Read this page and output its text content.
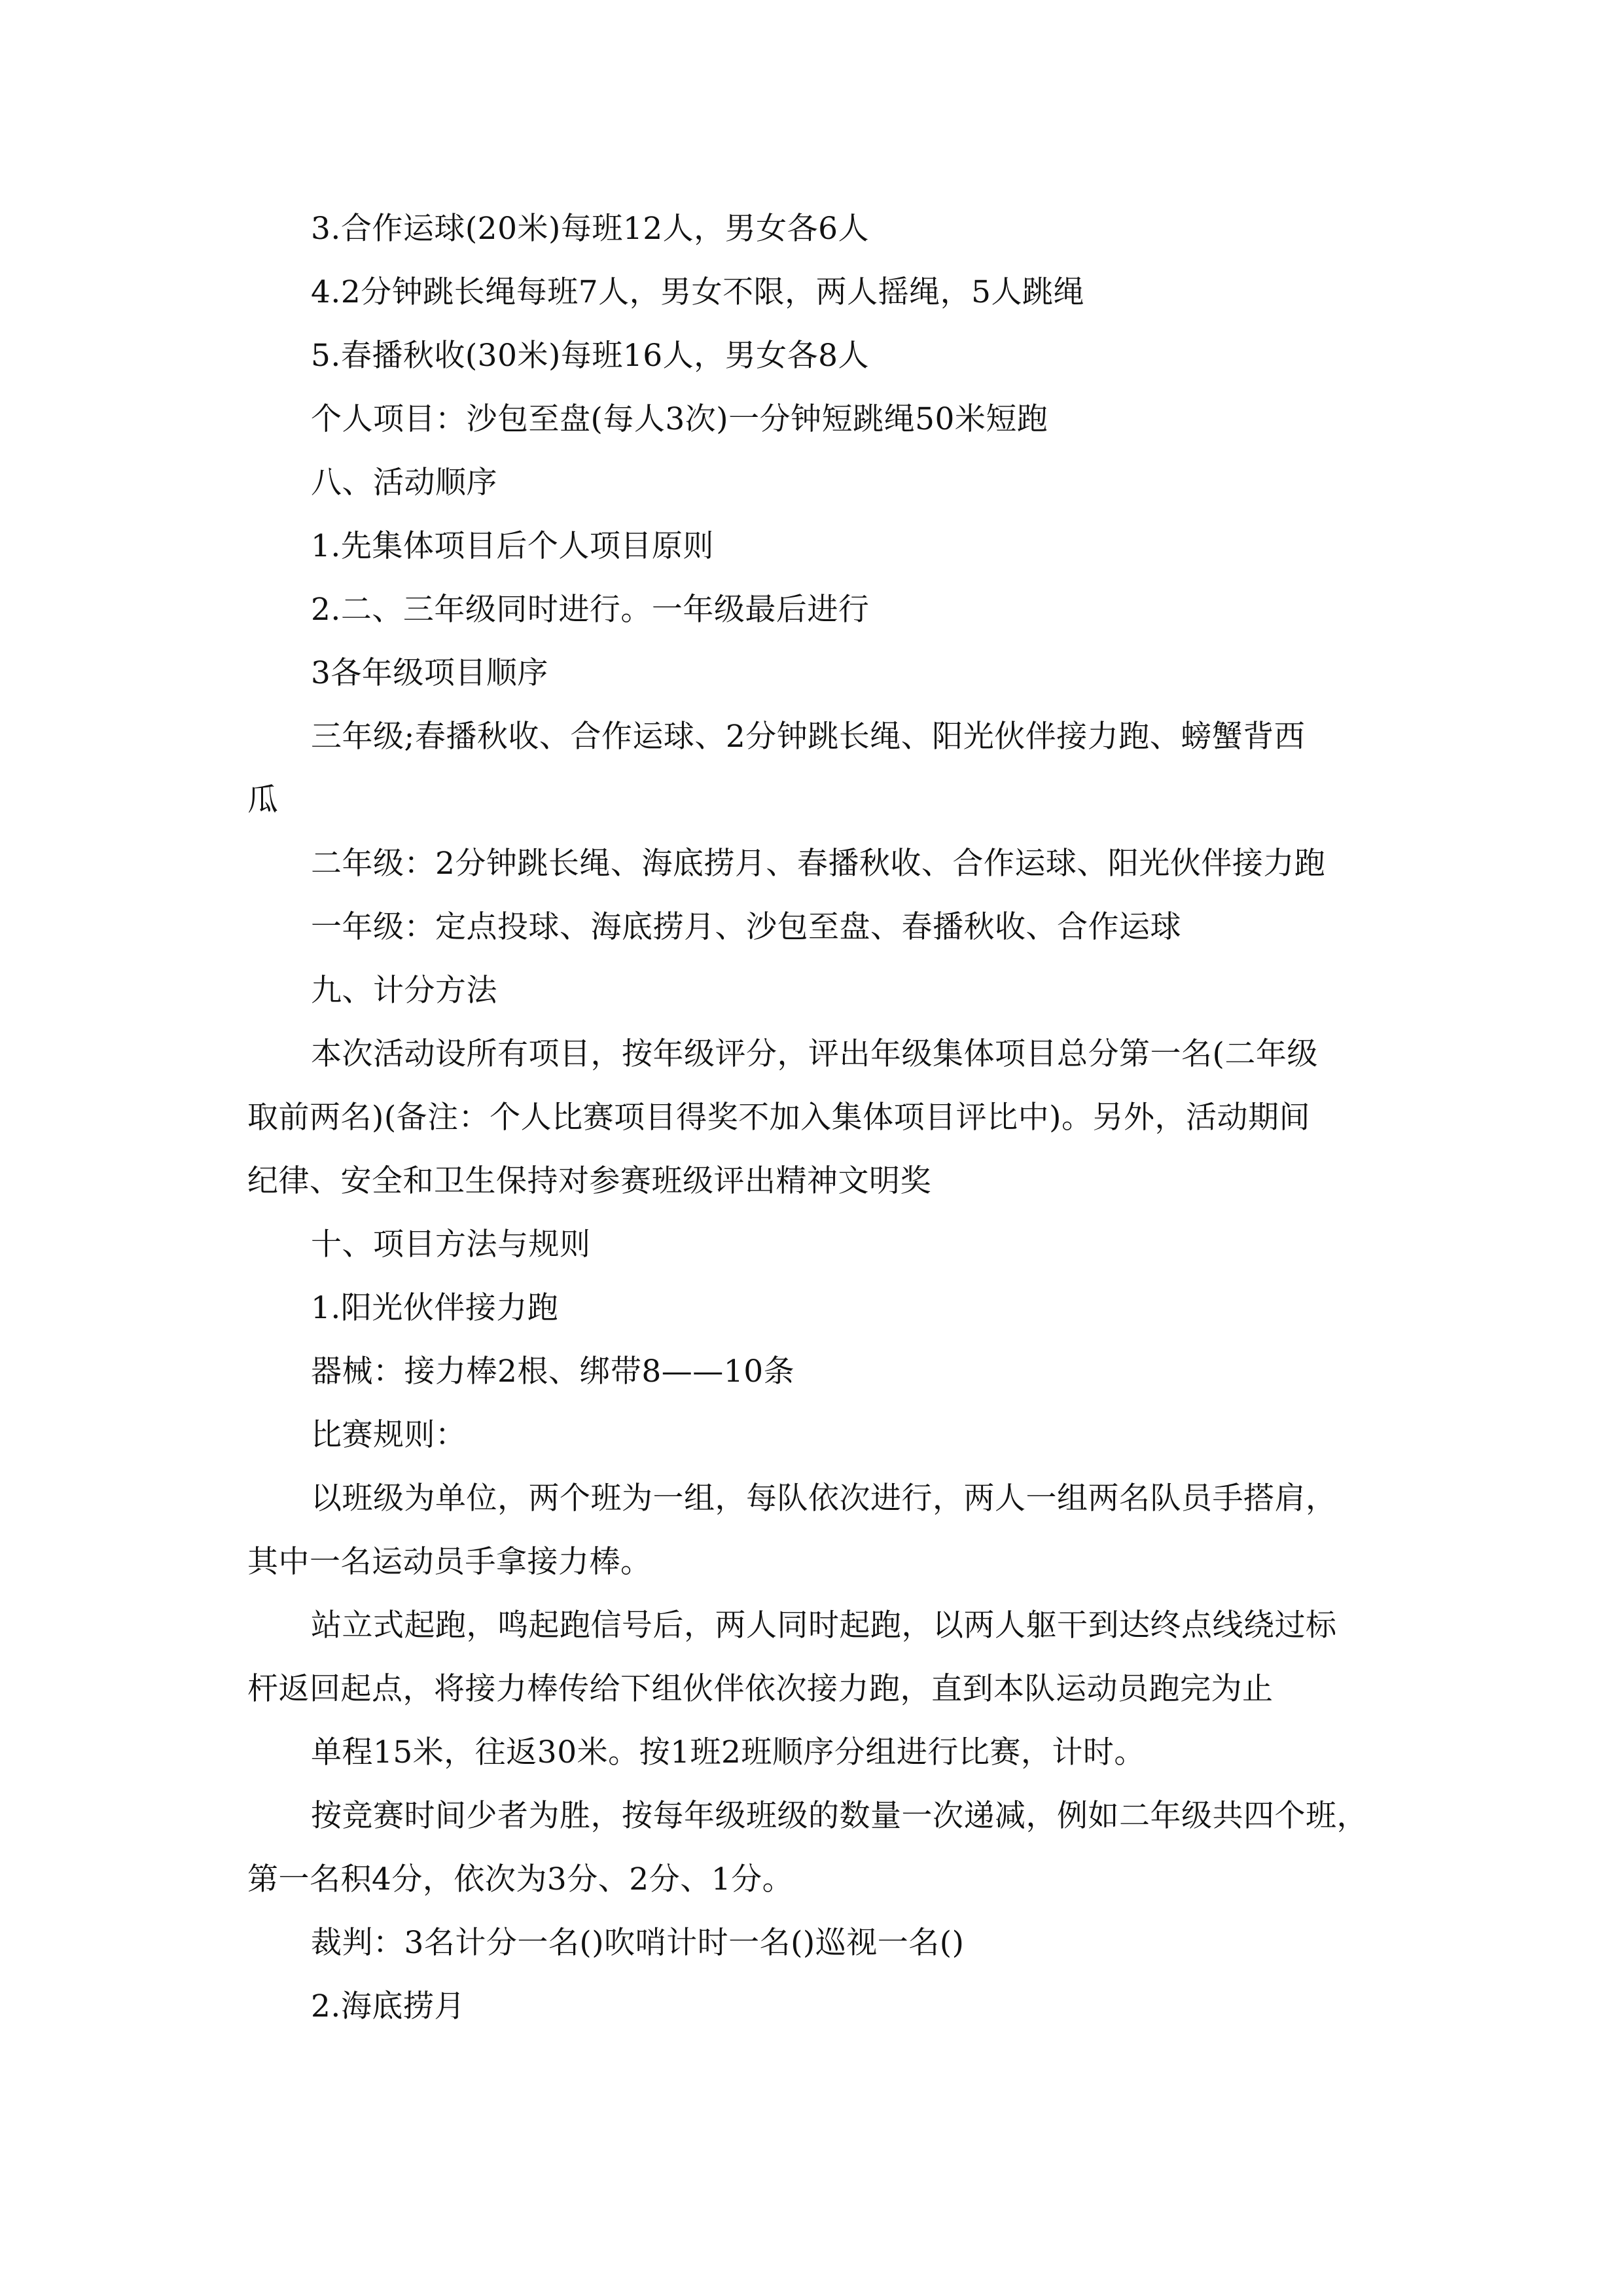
3.合作运球(20米)每班12人，男女各6人
4.2分钟跳长绳每班7人，男女不限，两人摇绳，5人跳绳
5.春播秋收(30米)每班16人，男女各8人
个人项目：沙包至盘(每人3次)一分钟短跳绳50米短跑
八、活动顺序
1.先集体项目后个人项目原则
2.二、三年级同时进行。一年级最后进行
3各年级项目顺序
三年级;春播秋收、合作运球、2分钟跳长绳、阳光伙伴接力跑、螃蟹背西
瓜
二年级：2分钟跳长绳、海底捞月、春播秋收、合作运球、阳光伙伴接力跑
一年级：定点投球、海底捞月、沙包至盘、春播秋收、合作运球
九、计分方法
本次活动设所有项目，按年级评分，评出年级集体项目总分第一名(二年级
取前两名)(备注：个人比赛项目得奖不加入集体项目评比中)。另外，活动期间
纪律、安全和卫生保持对参赛班级评出精神文明奖
十、项目方法与规则
1.阳光伙伴接力跑
器械：接力棒2根、绑带8——10条
比赛规则：
以班级为单位，两个班为一组，每队依次进行，两人一组两名队员手搭肩，
其中一名运动员手拿接力棒。
站立式起跑，鸣起跑信号后，两人同时起跑，以两人躯干到达终点线绕过标
杆返回起点，将接力棒传给下组伙伴依次接力跑，直到本队运动员跑完为止
单程15米，往返30米。按1班2班顺序分组进行比赛，计时。
按竞赛时间少者为胜，按每年级班级的数量一次递减，例如二年级共四个班，
第一名积4分，依次为3分、2分、1分。
裁判：3名计分一名()吹哨计时一名()巡视一名()
2.海底捞月
